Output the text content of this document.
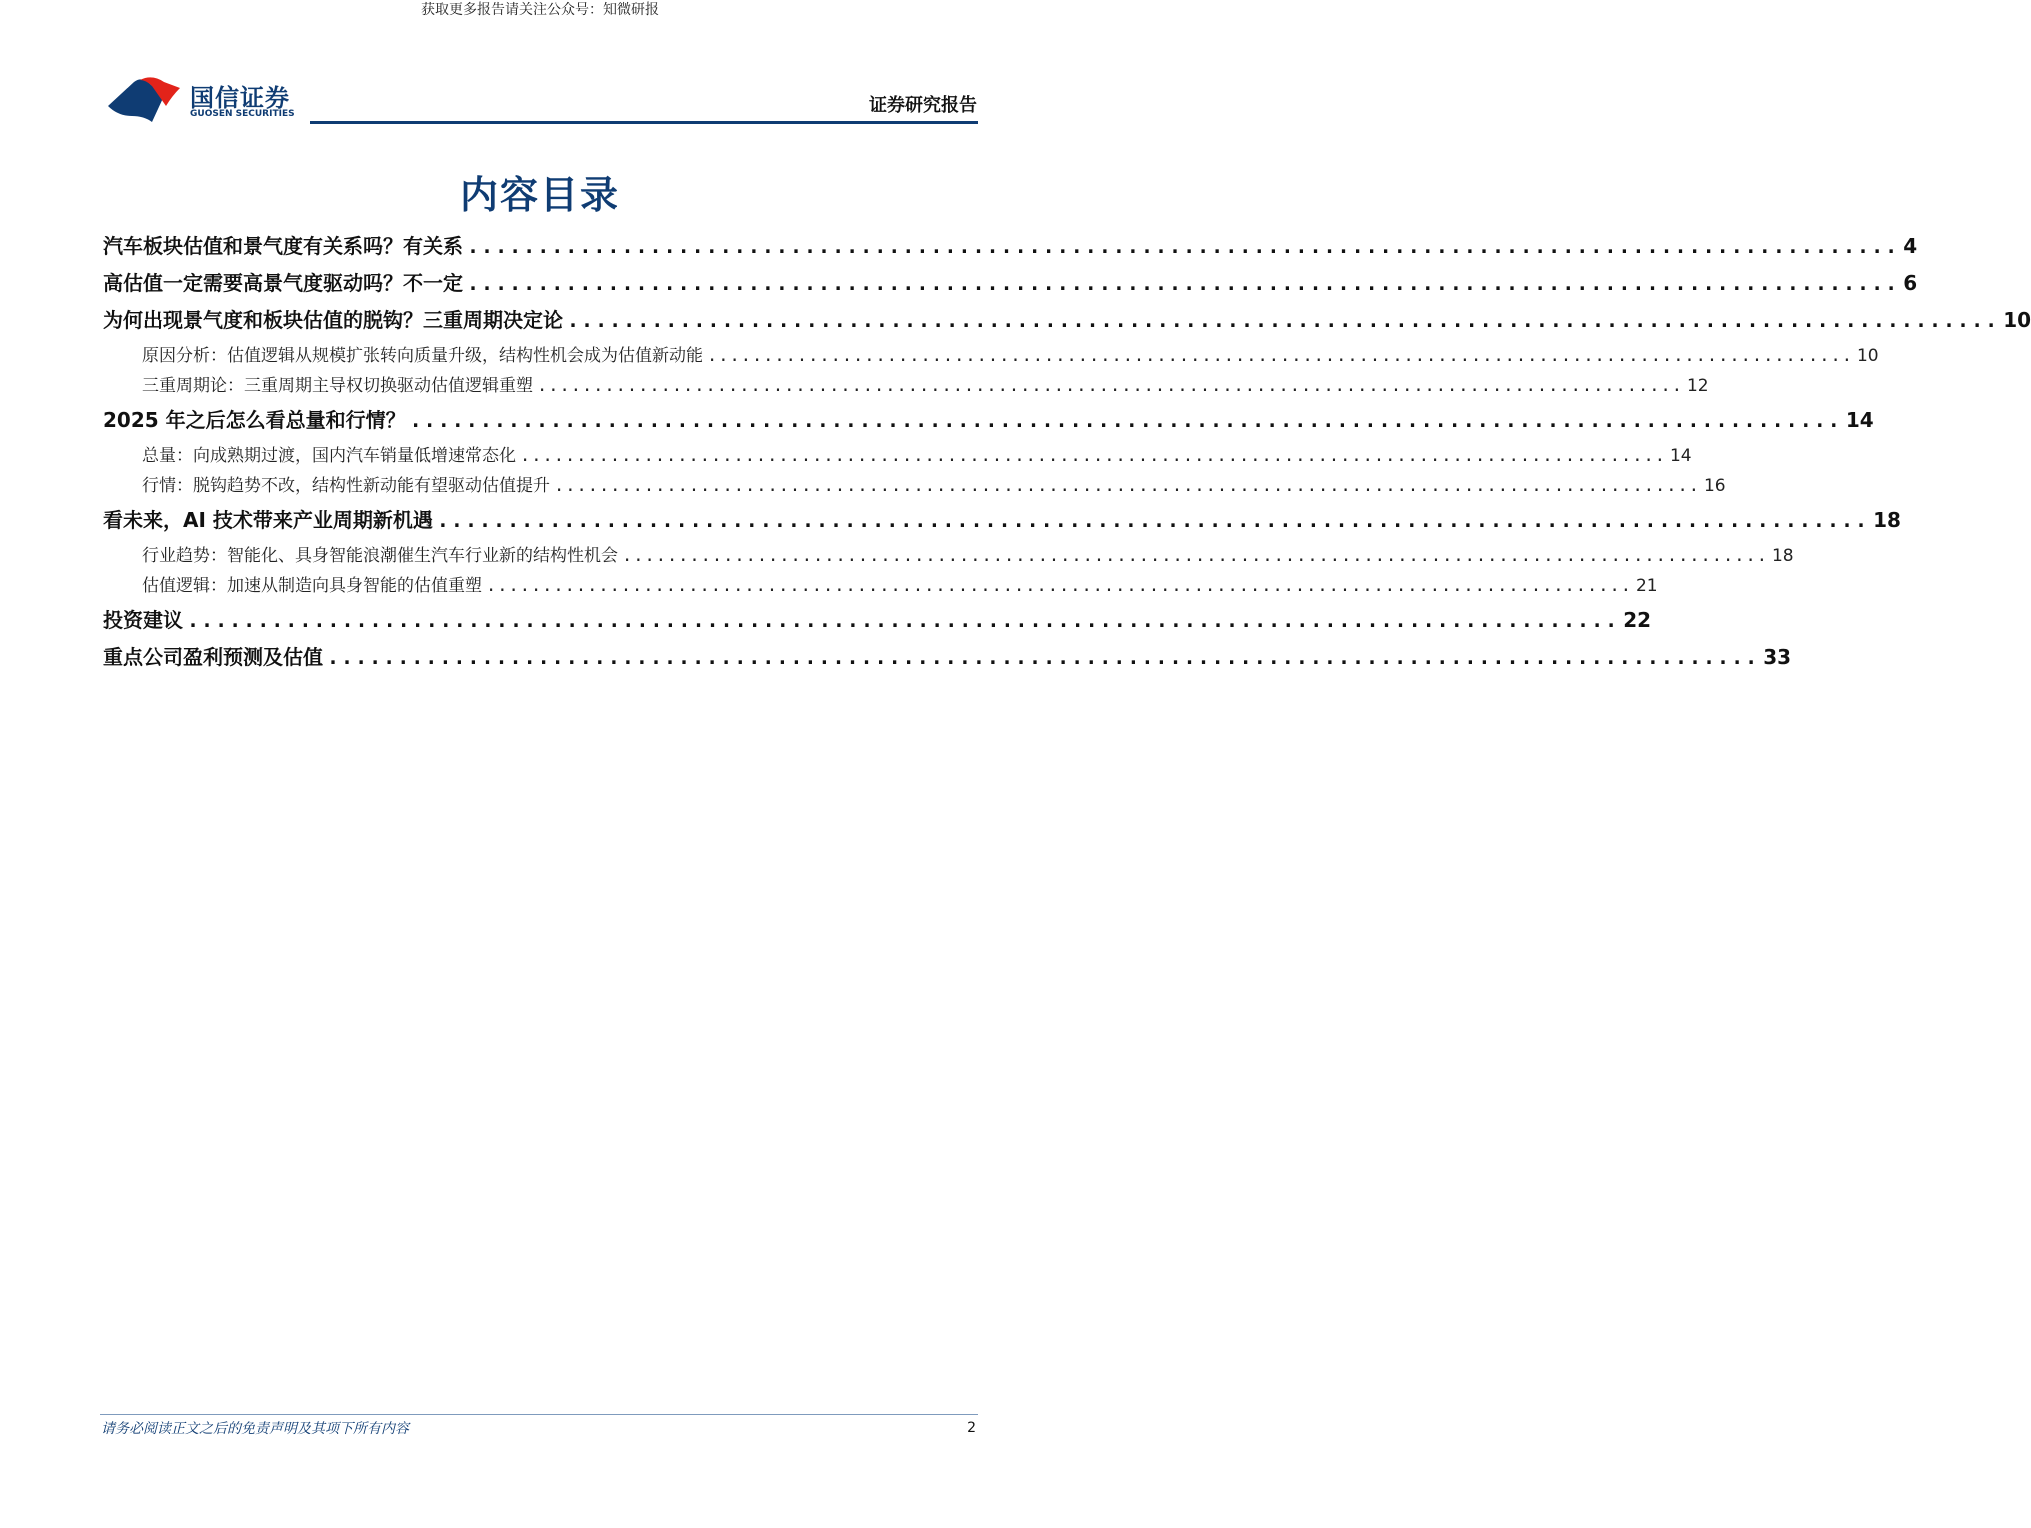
获取更多报告请关注公众号：知微研报
国信证券
GUOSEN SECURITIES	证券研究报告
内容目录
汽车板块估值和景气度有关系吗？有关系 ...................................................................................................... 4
高估值一定需要高景气度驱动吗？不一定 ...................................................................................................... 6
为何出现景气度和板块估值的脱钩？三重周期决定论 ...................................................................................................... 10
原因分析：估值逻辑从规模扩张转向质量升级，结构性机会成为估值新动能 ...................................................................................................... 10
三重周期论：三重周期主导权切换驱动估值逻辑重塑 ...................................................................................................... 12
2025 年之后怎么看总量和行情？ ...................................................................................................... 14
总量：向成熟期过渡，国内汽车销量低增速常态化 ...................................................................................................... 14
行情：脱钩趋势不改，结构性新动能有望驱动估值提升 ...................................................................................................... 16
看未来，AI 技术带来产业周期新机遇 ...................................................................................................... 18
行业趋势：智能化、具身智能浪潮催生汽车行业新的结构性机会 ...................................................................................................... 18
估值逻辑：加速从制造向具身智能的估值重塑 ...................................................................................................... 21
投资建议 ...................................................................................................... 22
重点公司盈利预测及估值 ...................................................................................................... 33
请务必阅读正文之后的免责声明及其项下所有内容	2
